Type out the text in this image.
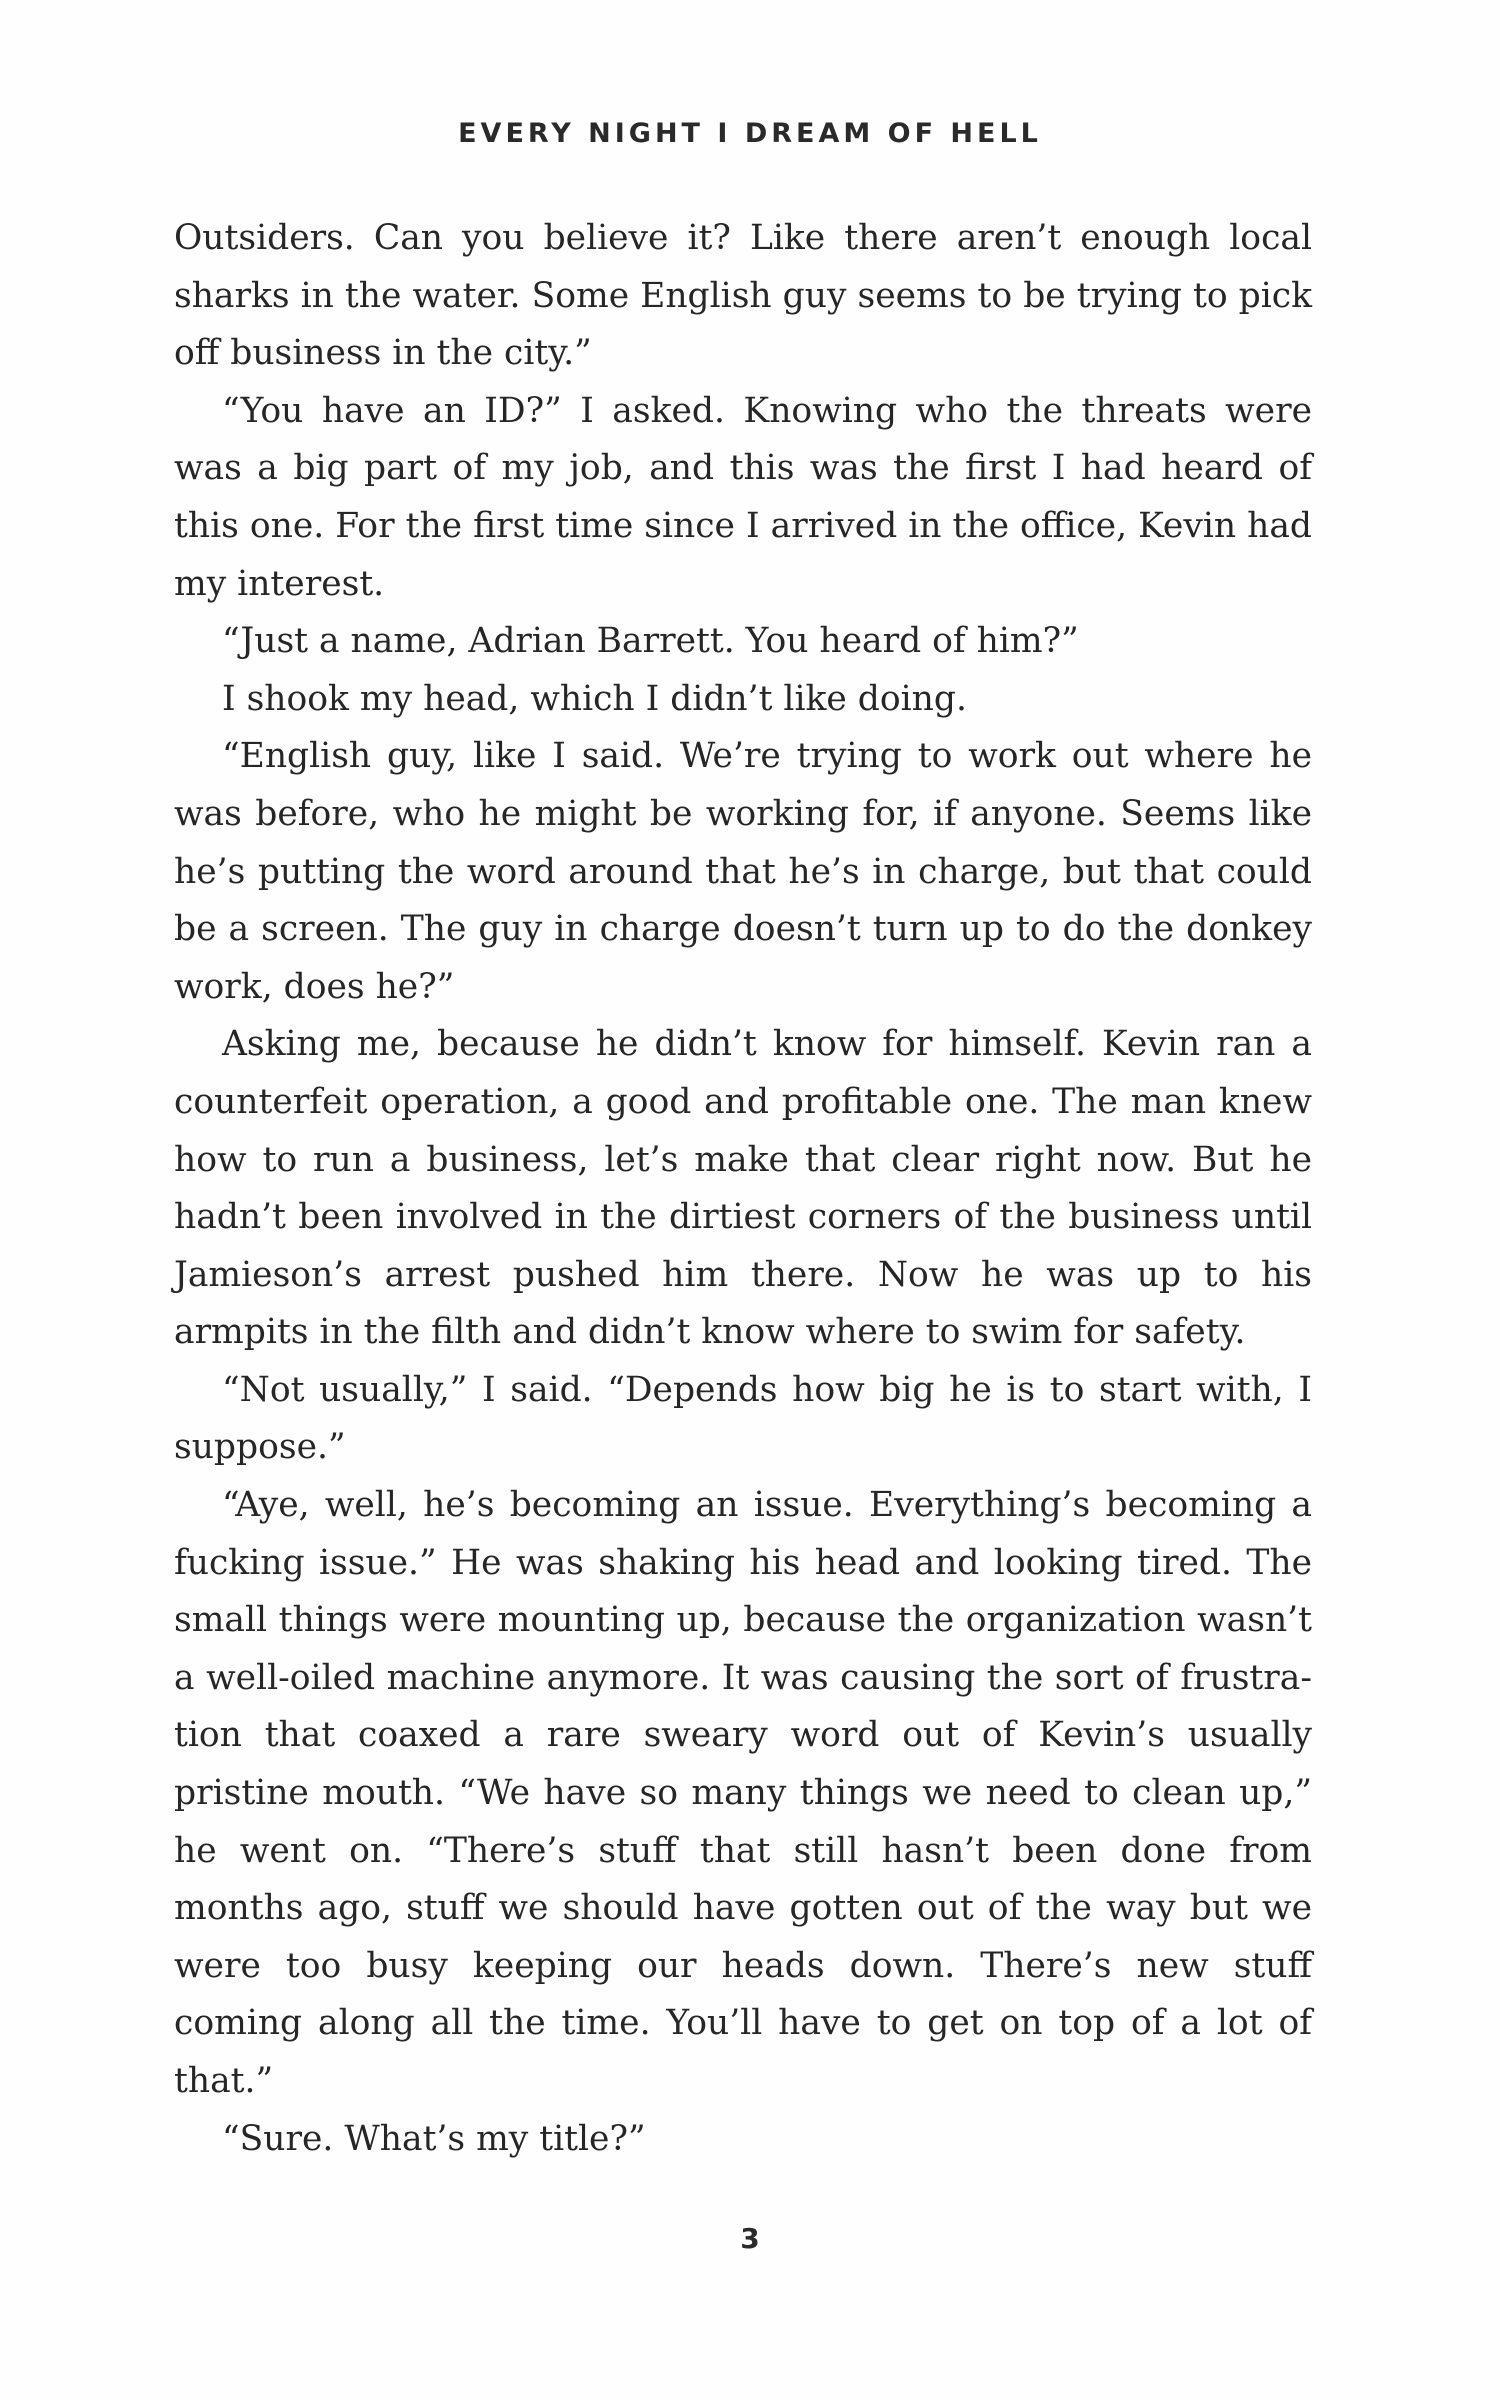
EVERY NIGHT I DREAM OF HELL

Outsiders. Can you believe it? Like there aren’t enough local sharks in the water. Some English guy seems to be trying to pick off business in the city.”

“You have an ID?” I asked. Knowing who the threats were was a big part of my job, and this was the first I had heard of this one. For the first time since I arrived in the office, Kevin had my interest.

“Just a name, Adrian Barrett. You heard of him?”

I shook my head, which I didn’t like doing.

“English guy, like I said. We’re trying to work out where he was before, who he might be working for, if anyone. Seems like he’s putting the word around that he’s in charge, but that could be a screen. The guy in charge doesn’t turn up to do the donkey work, does he?”

Asking me, because he didn’t know for himself. Kevin ran a counterfeit operation, a good and profitable one. The man knew how to run a business, let’s make that clear right now. But he hadn’t been involved in the dirtiest corners of the business until Jamieson’s arrest pushed him there. Now he was up to his armpits in the filth and didn’t know where to swim for safety.

“Not usually,” I said. “Depends how big he is to start with, I suppose.”

“Aye, well, he’s becoming an issue. Everything’s becoming a fucking issue.” He was shaking his head and looking tired. The small things were mounting up, because the organization wasn’t a well-oiled machine anymore. It was causing the sort of frustration that coaxed a rare sweary word out of Kevin’s usually pristine mouth. “We have so many things we need to clean up,” he went on. “There’s stuff that still hasn’t been done from months ago, stuff we should have gotten out of the way but we were too busy keeping our heads down. There’s new stuff coming along all the time. You’ll have to get on top of a lot of that.”

“Sure. What’s my title?”

3
